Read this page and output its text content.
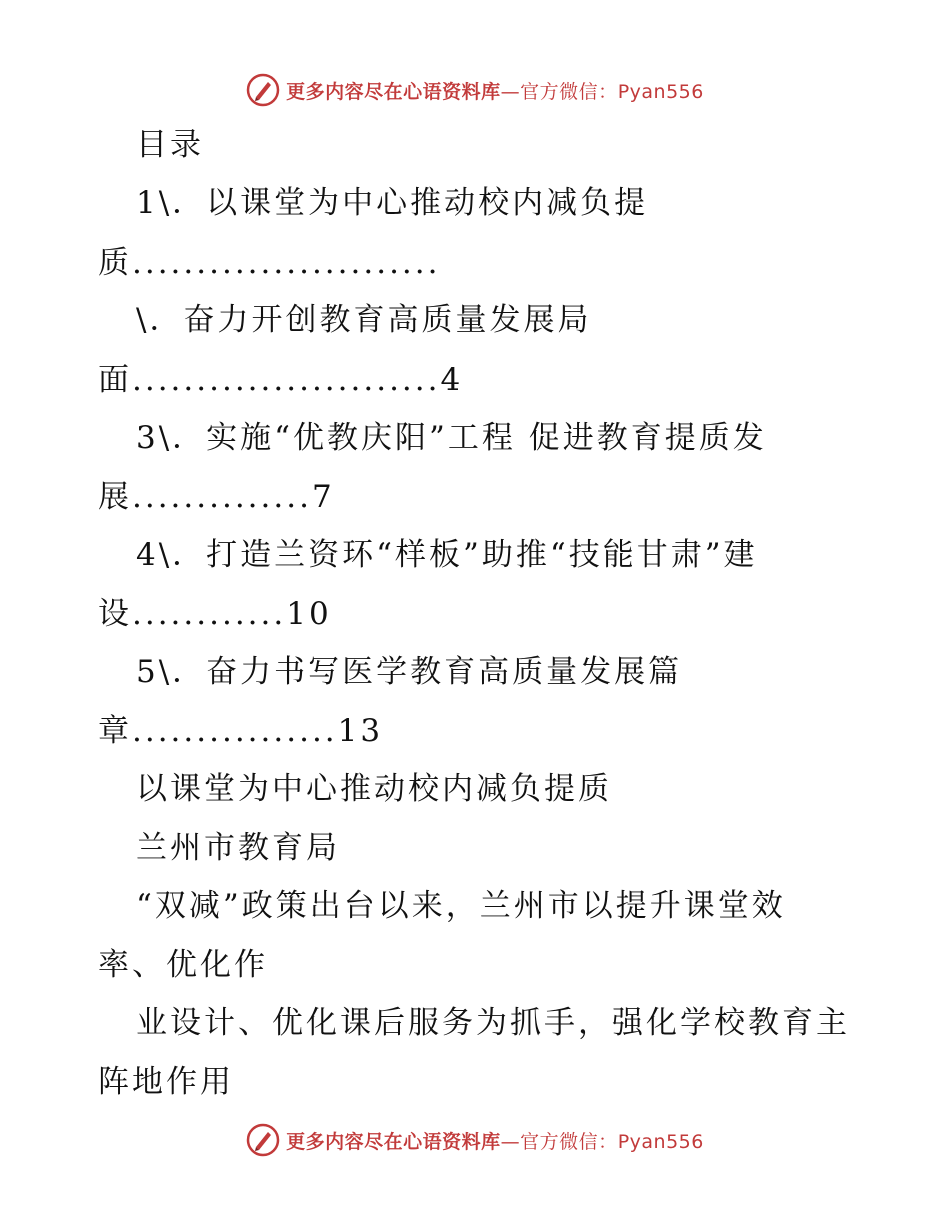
更多内容尽在心语资料库—官方微信：Pyan556
目录
1\．以课堂为中心推动校内减负提
质........................
\．奋力开创教育高质量发展局
面........................4
3\．实施“优教庆阳”工程 促进教育提质发
展..............7
4\．打造兰资环“样板”助推“技能甘肃”建
设............10
5\．奋力书写医学教育高质量发展篇
章................13
以课堂为中心推动校内减负提质
兰州市教育局
“双减”政策出台以来，兰州市以提升课堂效
率、优化作
业设计、优化课后服务为抓手，强化学校教育主
阵地作用
更多内容尽在心语资料库—官方微信：Pyan556
